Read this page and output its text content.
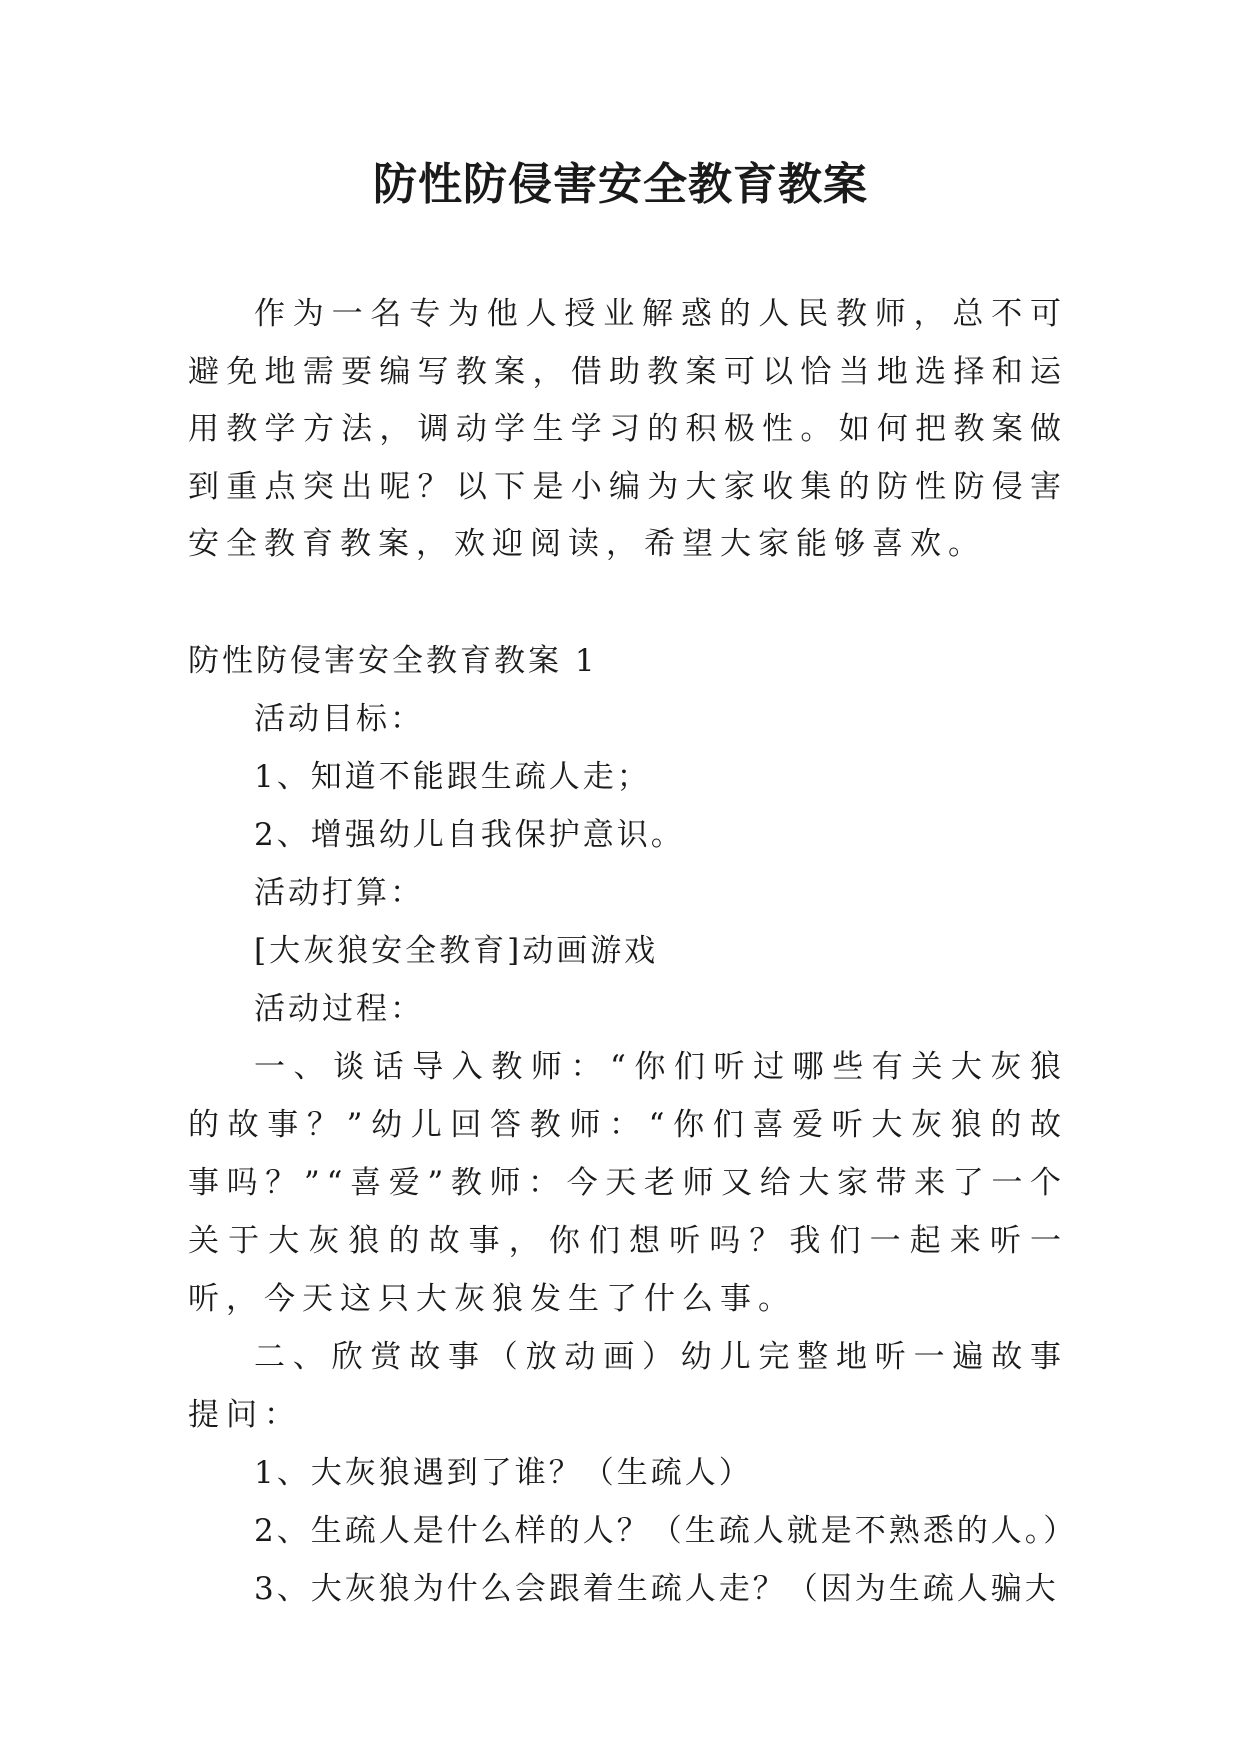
防性防侵害安全教育教案

作为一名专为他人授业解惑的人民教师，总不可避免地需要编写教案，借助教案可以恰当地选择和运用教学方法，调动学生学习的积极性。如何把教案做到重点突出呢？以下是小编为大家收集的防性防侵害安全教育教案，欢迎阅读，希望大家能够喜欢。

防性防侵害安全教育教案 1

活动目标：

1、知道不能跟生疏人走；

2、增强幼儿自我保护意识。

活动打算：

[大灰狼安全教育]动画游戏

活动过程：

一、谈话导入教师：“你们听过哪些有关大灰狼的故事？”幼儿回答教师：“你们喜爱听大灰狼的故事吗？”“喜爱”教师：今天老师又给大家带来了一个关于大灰狼的故事，你们想听吗？我们一起来听一听，今天这只大灰狼发生了什么事。

二、欣赏故事（放动画）幼儿完整地听一遍故事提问：

1、大灰狼遇到了谁？（生疏人）

2、生疏人是什么样的人？（生疏人就是不熟悉的人。）

3、大灰狼为什么会跟着生疏人走？（因为生疏人骗大
